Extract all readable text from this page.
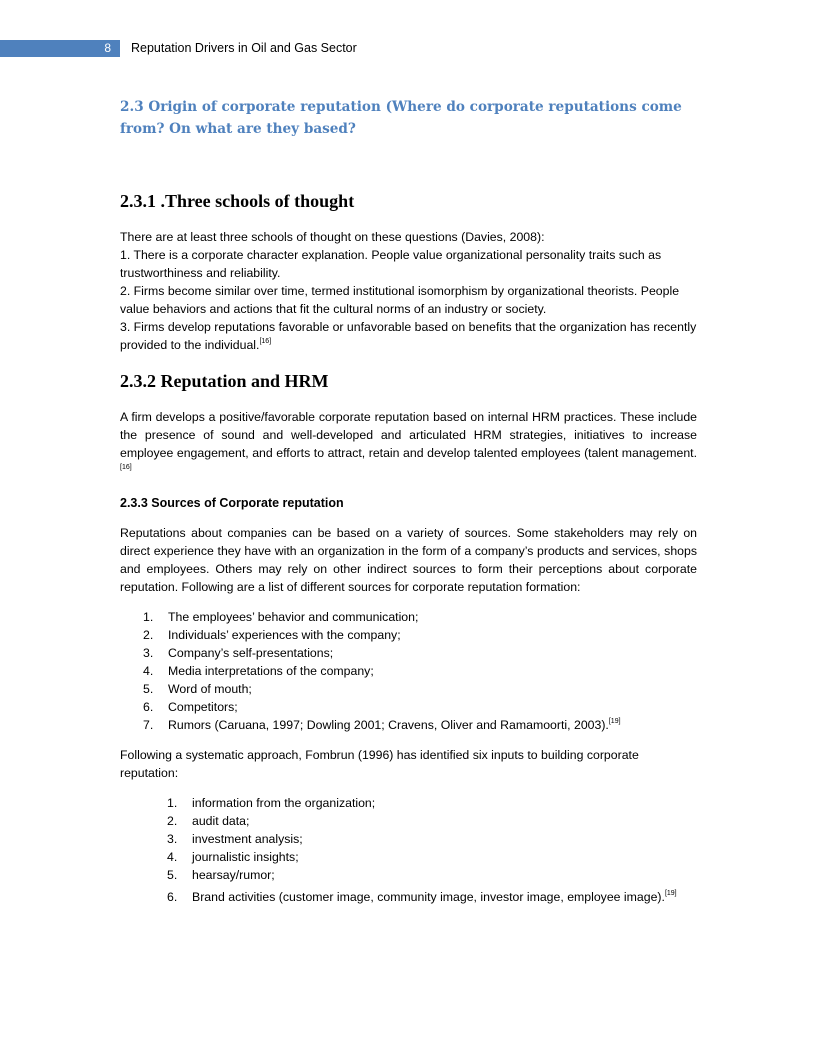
8 Reputation Drivers in Oil and Gas Sector
2.3 Origin of corporate reputation (Where do corporate reputations come from? On what are they based?
2.3.1 .Three schools of thought

There are at least three schools of thought on these questions (Davies, 2008):

1. There is a corporate character explanation. People value organizational personality traits such as trustworthiness and reliability.

2. Firms become similar over time, termed institutional isomorphism by organizational theorists. People value behaviors and actions that fit the cultural norms of an industry or society.

3. Firms develop reputations favorable or unfavorable based on benefits that the organization has recently provided to the individual.[16]

2.3.2 Reputation and HRM

A firm develops a positive/favorable corporate reputation based on internal HRM practices. These include the presence of sound and well-developed and articulated HRM strategies, initiatives to increase employee engagement, and efforts to attract, retain and develop talented employees (talent management.[16]

2.3.3 Sources of Corporate reputation

Reputations about companies can be based on a variety of sources. Some stakeholders may rely on direct experience they have with an organization in the form of a company’s products and services, shops and employees. Others may rely on other indirect sources to form their perceptions about corporate reputation. Following are a list of different sources for corporate reputation formation:

1. The employees’ behavior and communication;
2. Individuals’ experiences with the company;
3. Company’s self-presentations;
4. Media interpretations of the company;
5. Word of mouth;
6. Competitors;
7. Rumors (Caruana, 1997; Dowling 2001; Cravens, Oliver and Ramamoorti, 2003).[19]

Following a systematic approach, Fombrun (1996) has identified six inputs to building corporate reputation:

1. information from the organization;
2. audit data;
3. investment analysis;
4. journalistic insights;
5. hearsay/rumor;
6. Brand activities (customer image, community image, investor image, employee image).[19]
